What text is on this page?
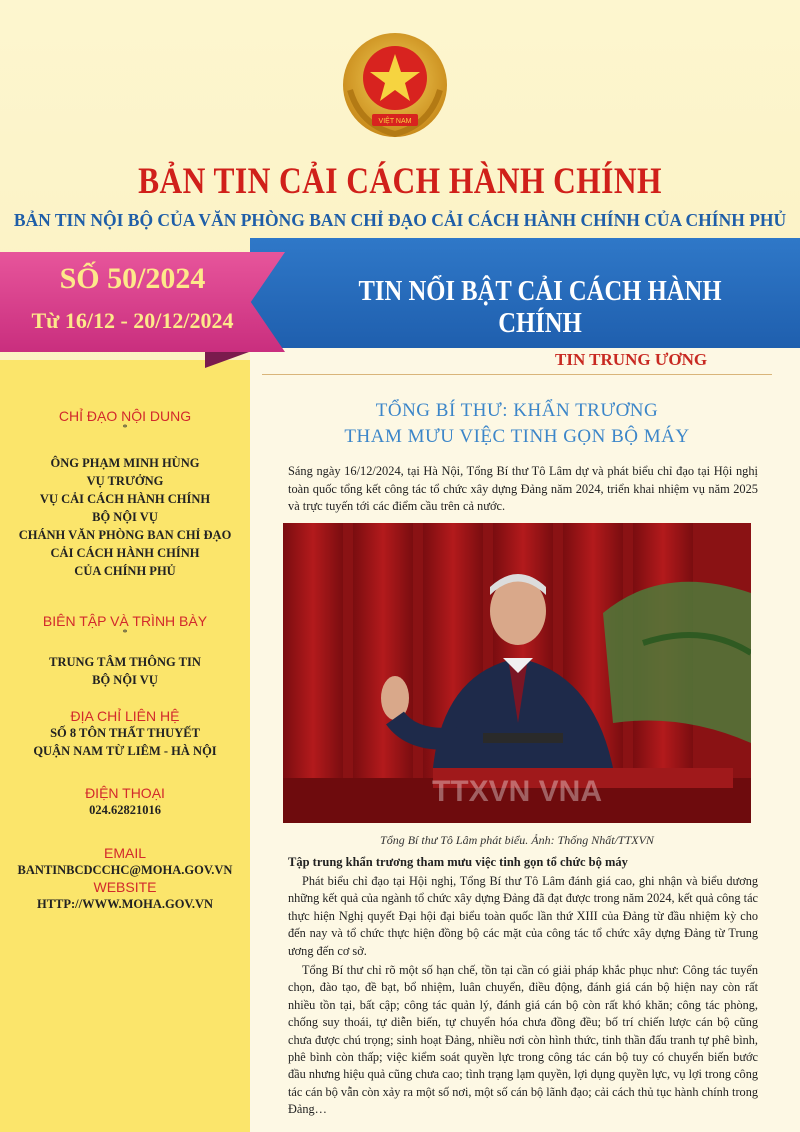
VIỆT NAM
BẢN TIN CẢI CÁCH HÀNH CHÍNH
BẢN TIN NỘI BỘ CỦA VĂN PHÒNG BAN CHỈ ĐẠO CẢI CÁCH HÀNH CHÍNH CỦA CHÍNH PHỦ
TIN NỔI BẬT CẢI CÁCH HÀNH CHÍNH
SỐ 50/2024
Từ 16/12 - 20/12/2024
TIN TRUNG ƯƠNG
CHỈ ĐẠO NỘI DUNG
*
ÔNG PHẠM MINH HÙNG
VỤ TRƯỞNG
VỤ CẢI CÁCH HÀNH CHÍNH
BỘ NỘI VỤ
CHÁNH VĂN PHÒNG BAN CHỈ ĐẠO
CẢI CÁCH HÀNH CHÍNH
CỦA CHÍNH PHỦ
BIÊN TẬP VÀ TRÌNH BÀY
*
TRUNG TÂM THÔNG TIN
BỘ NỘI VỤ
ĐỊA CHỈ LIÊN HỆ
SỐ 8 TÔN THẤT THUYẾT
QUẬN NAM TỪ LIÊM - HÀ NỘI
ĐIỆN THOẠI
024.62821016
EMAIL
BANTINBCDCCHC@MOHA.GOV.VN
WEBSITE
HTTP://WWW.MOHA.GOV.VN
TỔNG BÍ THƯ: KHẨN TRƯƠNG
THAM MƯU VIỆC TINH GỌN BỘ MÁY
Sáng ngày 16/12/2024, tại Hà Nội, Tổng Bí thư Tô Lâm dự và phát biểu chỉ đạo tại Hội nghị toàn quốc tổng kết công tác tổ chức xây dựng Đảng năm 2024, triển khai nhiệm vụ năm 2025 và trực tuyến tới các điểm cầu trên cả nước.
TTXVN VNA
Tổng Bí thư Tô Lâm phát biểu. Ảnh: Thống Nhất/TTXVN
Tập trung khẩn trương tham mưu việc tinh gọn tổ chức bộ máy

Phát biểu chỉ đạo tại Hội nghị, Tổng Bí thư Tô Lâm đánh giá cao, ghi nhận và biểu dương những kết quả của ngành tổ chức xây dựng Đảng đã đạt được trong năm 2024, kết quả công tác thực hiện Nghị quyết Đại hội đại biểu toàn quốc lần thứ XIII của Đảng từ đầu nhiệm kỳ cho đến nay và tổ chức thực hiện đồng bộ các mặt của công tác tổ chức xây dựng Đảng từ Trung ương đến cơ sở.

Tổng Bí thư chỉ rõ một số hạn chế, tồn tại cần có giải pháp khắc phục như: Công tác tuyển chọn, đào tạo, đề bạt, bổ nhiệm, luân chuyển, điều động, đánh giá cán bộ hiện nay còn rất nhiều tồn tại, bất cập; công tác quản lý, đánh giá cán bộ còn rất khó khăn; công tác phòng, chống suy thoái, tự diễn biến, tự chuyển hóa chưa đồng đều; bố trí chiến lược cán bộ cũng chưa được chú trọng; sinh hoạt Đảng, nhiều nơi còn hình thức, tinh thần đấu tranh tự phê bình, phê bình còn thấp; việc kiểm soát quyền lực trong công tác cán bộ tuy có chuyển biến bước đầu nhưng hiệu quả cũng chưa cao; tình trạng lạm quyền, lợi dụng quyền lực, vụ lợi trong công tác cán bộ vẫn còn xảy ra một số nơi, một số cán bộ lãnh đạo; cải cách thủ tục hành chính trong Đảng…
